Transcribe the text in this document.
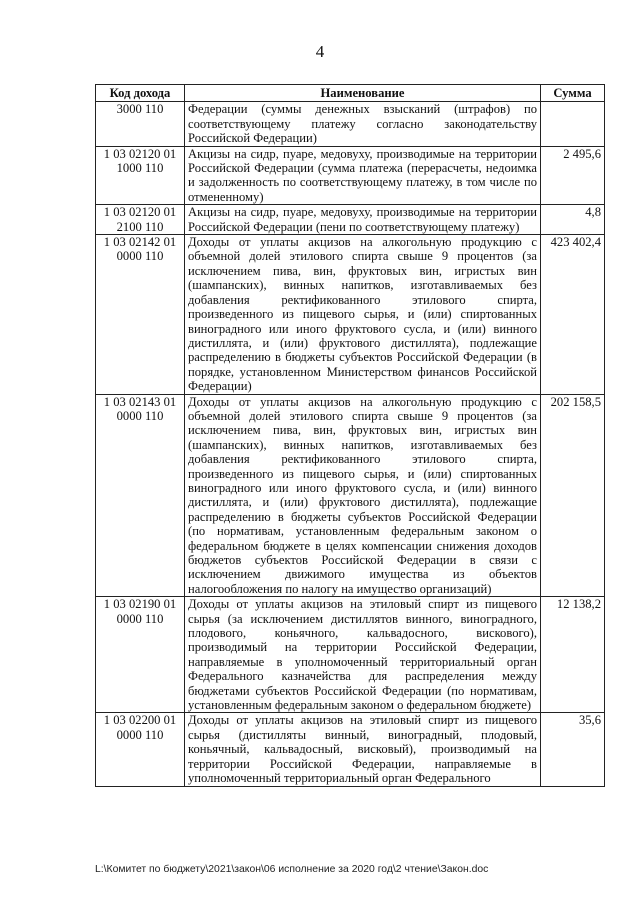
4
Код дохода	Наименование	Сумма

3000 110	Федерации (суммы денежных взысканий (штрафов) по соответствующему платежу согласно законодательству Российской Федерации)	

1 03 02120 01
1000 110	Акцизы на сидр, пуаре, медовуху, производимые на территории Российской Федерации (сумма платежа (перерасчеты, недоимка и задолженность по соответствующему платежу, в том числе по отмененному)	2 495,6

1 03 02120 01
2100 110	Акцизы на сидр, пуаре, медовуху, производимые на территории Российской Федерации (пени по соответствующему платежу)	4,8

1 03 02142 01
0000 110	Доходы от уплаты акцизов на алкогольную продукцию с объемной долей этилового спирта свыше 9 процентов (за исключением пива, вин, фруктовых вин, игристых вин (шампанских), винных напитков, изготавливаемых без добавления ректификованного этилового спирта, произведенного из пищевого сырья, и (или) спиртованных виноградного или иного фруктового сусла, и (или) винного дистиллята, и (или) фруктового дистиллята), подлежащие распределению в бюджеты субъектов Российской Федерации (в порядке, установленном Министерством финансов Российской Федерации)	423 402,4

1 03 02143 01
0000 110	Доходы от уплаты акцизов на алкогольную продукцию с объемной долей этилового спирта свыше 9 процентов (за исключением пива, вин, фруктовых вин, игристых вин (шампанских), винных напитков, изготавливаемых без добавления ректификованного этилового спирта, произведенного из пищевого сырья, и (или) спиртованных виноградного или иного фруктового сусла, и (или) винного дистиллята, и (или) фруктового дистиллята), подлежащие распределению в бюджеты субъектов Российской Федерации (по нормативам, установленным федеральным законом о федеральном бюджете в целях компенсации снижения доходов бюджетов субъектов Российской Федерации в связи с исключением движимого имущества из объектов налогообложения по налогу на имущество организаций)	202 158,5

1 03 02190 01
0000 110	Доходы от уплаты акцизов на этиловый спирт из пищевого сырья (за исключением дистиллятов винного, виноградного, плодового, коньячного, кальвадосного, вискового), производимый на территории Российской Федерации, направляемые в уполномоченный территориальный орган Федерального казначейства для распределения между бюджетами субъектов Российской Федерации (по нормативам, установленным федеральным законом о федеральном бюджете)	12 138,2

1 03 02200 01
0000 110	Доходы от уплаты акцизов на этиловый спирт из пищевого сырья (дистилляты винный, виноградный, плодовый, коньячный, кальвадосный, висковый), производимый на территории Российской Федерации, направляемые в уполномоченный территориальный орган Федерального	35,6
L:\Комитет по бюджету\2021\закон\06 исполнение за 2020 год\2 чтение\Закон.doc
